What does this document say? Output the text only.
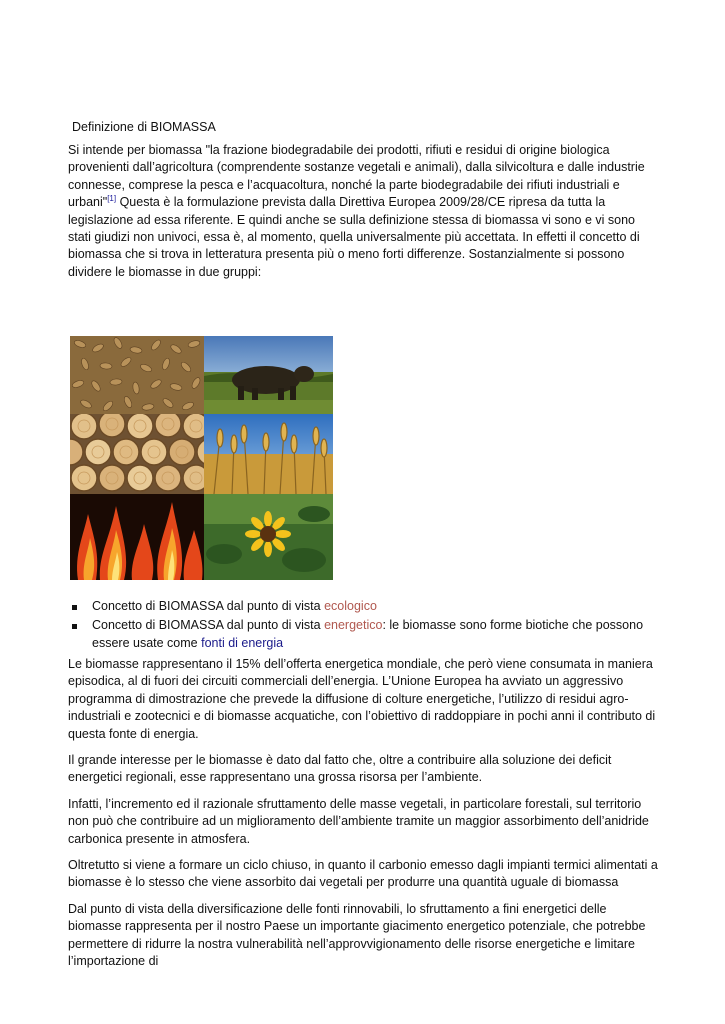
Definizione di BIOMASSA

Si intende per biomassa "la frazione biodegradabile dei prodotti, rifiuti e residui di origine biologica provenienti dall’agricoltura (comprendente sostanze vegetali e animali), dalla silvicoltura e dalle industrie connesse, comprese la pesca e l’acquacoltura, nonché la parte biodegradabile dei rifiuti industriali e urbani"[1] Questa è la formulazione prevista dalla Direttiva Europea 2009/28/CE ripresa da tutta la legislazione ad essa riferente. E quindi anche se sulla definizione stessa di biomassa vi sono e vi sono stati giudizi non univoci, essa è, al momento, quella universalmente più accettata. In effetti il concetto di biomassa che si trova in letteratura presenta più o meno forti differenze. Sostanzialmente si possono dividere le biomasse in due gruppi:

Concetto di BIOMASSA dal punto di vista ecologico
Concetto di BIOMASSA dal punto di vista energetico: le biomasse sono forme biotiche che possono essere usate come fonti di energia

Le biomasse rappresentano il 15% dell’offerta energetica mondiale, che però viene consumata in maniera episodica, al di fuori dei circuiti commerciali dell’energia. L’Unione Europea ha avviato un aggressivo programma di dimostrazione che prevede la diffusione di colture energetiche, l’utilizzo di residui agro-industriali e zootecnici e di biomasse acquatiche, con l’obiettivo di raddoppiare in pochi anni il contributo di questa fonte di energia.

Il grande interesse per le biomasse è dato dal fatto che, oltre a contribuire alla soluzione dei deficit energetici regionali, esse rappresentano una grossa risorsa per l’ambiente.

Infatti, l’incremento ed il razionale sfruttamento delle masse vegetali, in particolare forestali, sul territorio non può che contribuire ad un miglioramento dell’ambiente tramite un maggior assorbimento dell’anidride carbonica presente in atmosfera.

Oltretutto si viene a formare un ciclo chiuso, in quanto il carbonio emesso dagli impianti termici alimentati a biomasse è lo stesso che viene assorbito dai vegetali per produrre una quantità uguale di biomassa

Dal punto di vista della diversificazione delle fonti rinnovabili, lo sfruttamento a fini energetici delle biomasse rappresenta per il nostro Paese un importante giacimento energetico potenziale, che potrebbe permettere di ridurre la nostra vulnerabilità nell’approvvigionamento delle risorse energetiche e limitare l’importazione di
